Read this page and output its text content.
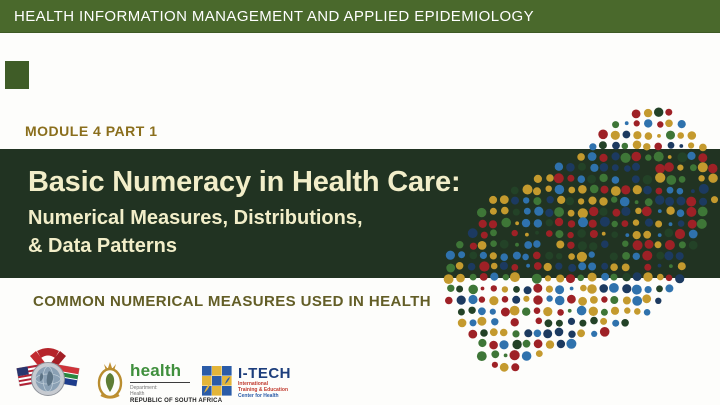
HEALTH INFORMATION MANAGEMENT AND APPLIED EPIDEMIOLOGY
MODULE 4 PART 1
Basic Numeracy in Health Care:
Numerical Measures, Distributions,
& Data Patterns
COMMON NUMERICAL MEASURES USED IN HEALTH
health
Department:
Health
REPUBLIC OF SOUTH AFRICA
I-TECH
International
Training & Education
Center for Health
